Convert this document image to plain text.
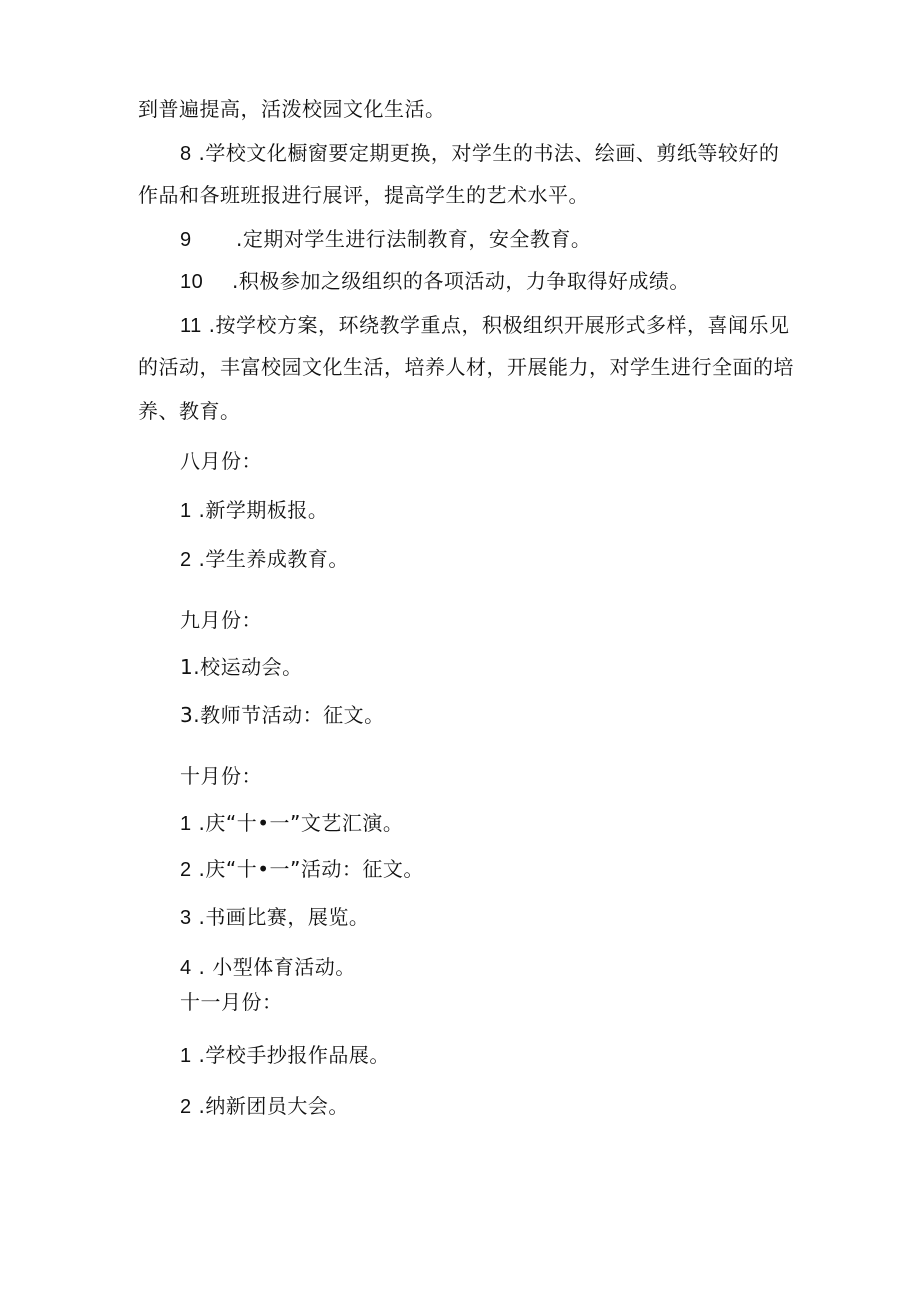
到普遍提高，活泼校园文化生活。

8 .学校文化橱窗要定期更换，对学生的书法、绘画、剪纸等较好的

作品和各班班报进行展评，提高学生的艺术水平。

9 .定期对学生进行法制教育，安全教育。

10 .积极参加之级组织的各项活动，力争取得好成绩。

11 .按学校方案，环绕教学重点，积极组织开展形式多样，喜闻乐见

的活动，丰富校园文化生活，培养人材，开展能力，对学生进行全面的培

养、教育。

八月份：

1 .新学期板报。

2 .学生养成教育。

九月份：

1.校运动会。

3.教师节活动：征文。

十月份：

1 .庆“十•一”文艺汇演。

2 .庆“十•一”活动：征文。

3 .书画比赛，展览。

4 . 小型体育活动。

十一月份：

1 .学校手抄报作品展。

2 .纳新团员大会。
